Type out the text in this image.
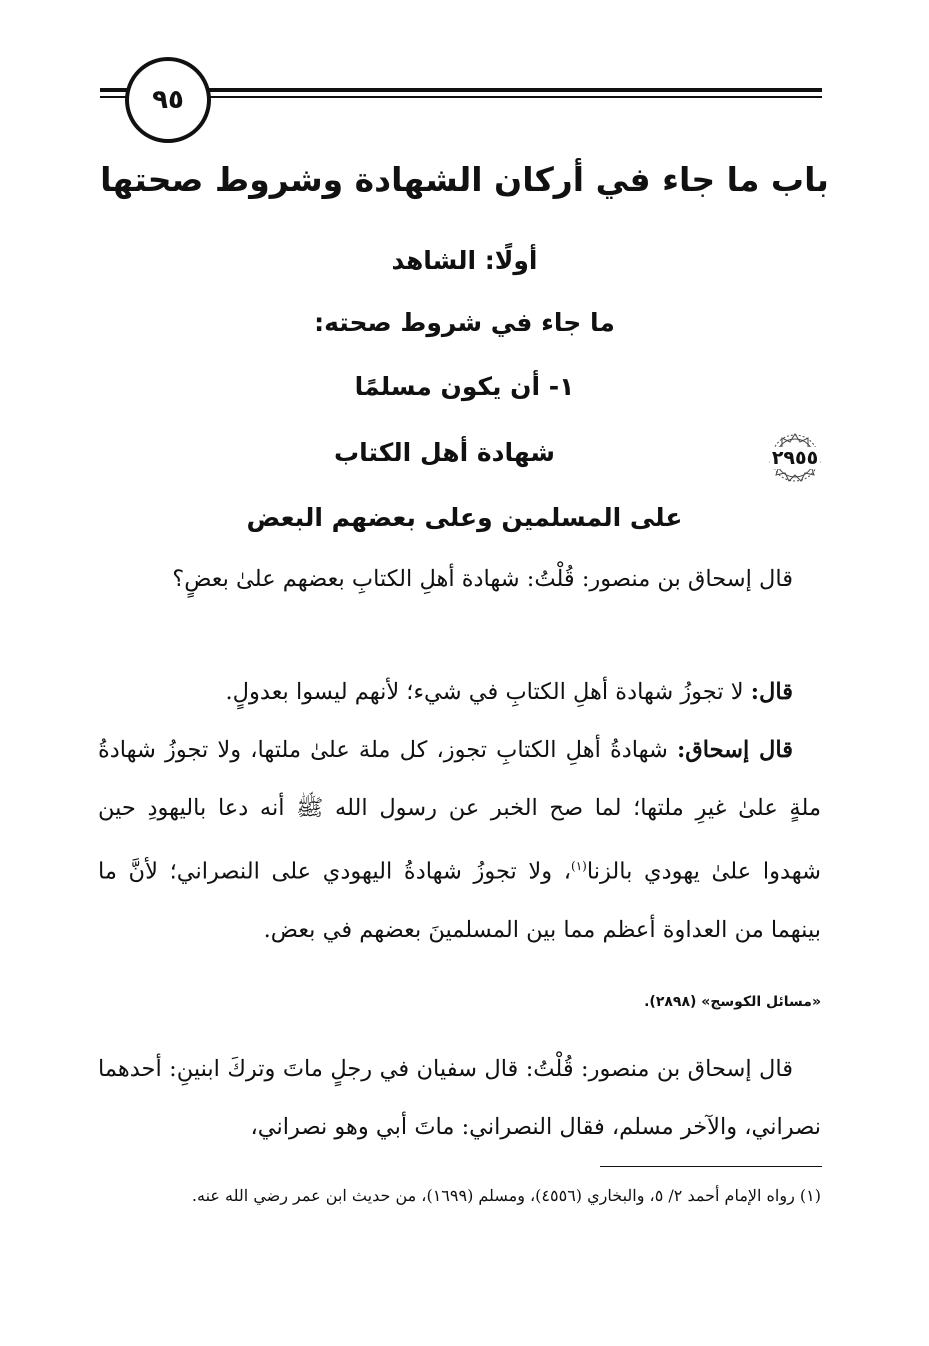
٩٥
باب ما جاء في أركان الشهادة وشروط صحتها
أولًا: الشاهد
ما جاء في شروط صحته:
١- أن يكون مسلمًا
٢٩٥٥
شهادة أهل الكتاب
على المسلمين وعلى بعضهم البعض

قال إسحاق بن منصور: قُلْتُ: شهادة أهلِ الكتابِ بعضهم علىٰ بعضٍ؟

قال: لا تجوزُ شهادة أهلِ الكتابِ في شيء؛ لأنهم ليسوا بعدولٍ.

قال إسحاق: شهادةُ أهلِ الكتابِ تجوز، كل ملة علىٰ ملتها، ولا تجوزُ شهادةُ ملةٍ علىٰ غيرِ ملتها؛ لما صح الخبر عن رسول الله ﷺ أنه دعا باليهودِ حين شهدوا علىٰ يهودي بالزنا$^{(١)}$، ولا تجوزُ شهادةُ اليهودي على النصراني؛ لأنَّ ما بينهما من العداوة أعظم مما بين المسلمينَ بعضهم في بعض.

«مسائل الكوسج» (٢٨٩٨).

قال إسحاق بن منصور: قُلْتُ: قال سفيان في رجلٍ ماتَ وتركَ ابنينِ: أحدهما نصراني، والآخر مسلم، فقال النصراني: ماتَ أبي وهو نصراني،

(١) رواه الإمام أحمد ٢/ ٥، والبخاري (٤٥٥٦)، ومسلم (١٦٩٩)، من حديث ابن عمر رضي الله عنه.
